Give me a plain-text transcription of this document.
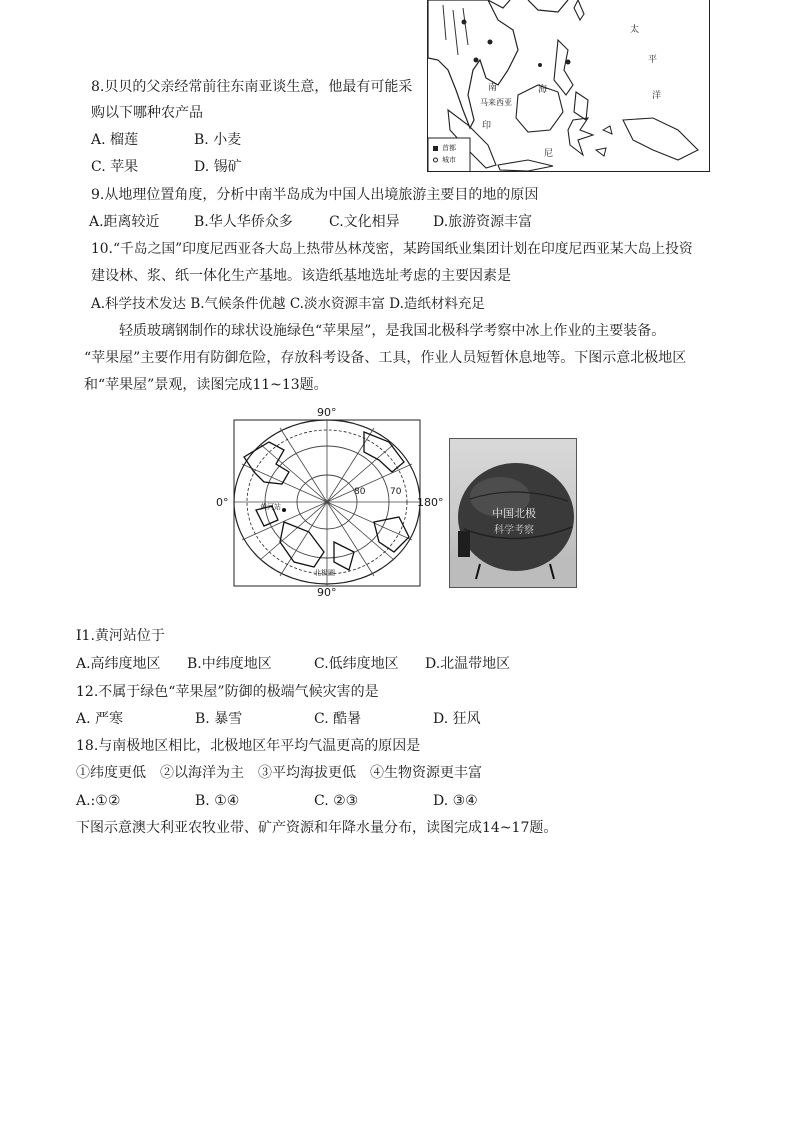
太
平
洋
南	海
马来西亚
尼
印
首都
城市
8.贝贝的父亲经常前往东南亚谈生意，他最有可能采
购以下哪种农产品
A. 榴莲	B. 小麦
C. 苹果	D. 锡矿
9.从地理位置角度，分析中南半岛成为中国人出境旅游主要目的地的原因
A.距离较近 B.华人华侨众多	C.文化相异 D.旅游资源丰富
10.“千岛之国”印度尼西亚各大岛上热带丛林茂密，某跨国纸业集团计划在印度尼西亚某大岛上投资
建设林、浆、纸一体化生产基地。该造纸基地选址考虑的主要因素是
A.科学技术发达 B.气候条件优越 C.淡水资源丰富 D.造纸材料充足
轻质玻璃钢制作的球状设施绿色“苹果屋”，是我国北极科学考察中冰上作业的主要装备。
“苹果屋”主要作用有防御危险，存放科考设备、工具，作业人员短暂休息地等。下图示意北极地区
和“苹果屋”景观，读图完成11~13题。
90°
90°
0°	180°
80	70
黄河站
北极圈
中国北极
科学考察
I1.黄河站位于
A.高纬度地区 B.中纬度地区	C.低纬度地区 D.北温带地区
12.不属于绿色“苹果屋”防御的极端气候灾害的是
A. 严寒	B. 暴雪	C. 酷暑	D. 狂风
18.与南极地区相比，北极地区年平均气温更高的原因是
①纬度更低　②以海洋为主　③平均海拔更低　④生物资源更丰富
A.:①②	B. ①④	C. ②③	D. ③④
下图示意澳大利亚农牧业带、矿产资源和年降水量分布，读图完成14~17题。
